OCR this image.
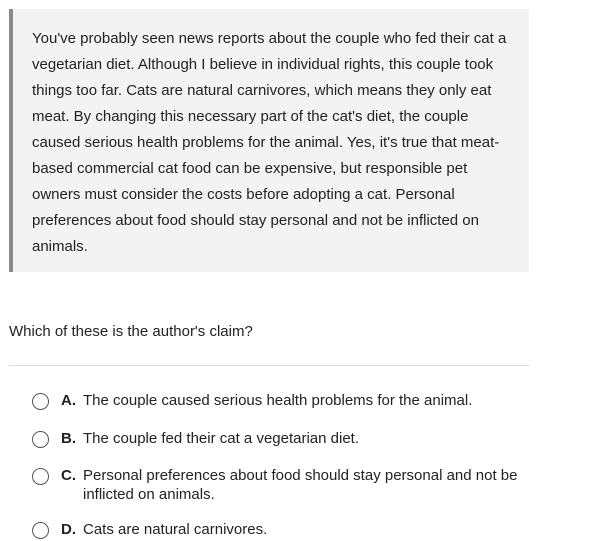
You've probably seen news reports about the couple who fed their cat a vegetarian diet. Although I believe in individual rights, this couple took things too far. Cats are natural carnivores, which means they only eat meat. By changing this necessary part of the cat's diet, the couple caused serious health problems for the animal. Yes, it's true that meat-based commercial cat food can be expensive, but responsible pet owners must consider the costs before adopting a cat. Personal preferences about food should stay personal and not be inflicted on animals.

Which of these is the author's claim?

A. The couple caused serious health problems for the animal.
B. The couple fed their cat a vegetarian diet.
C. Personal preferences about food should stay personal and not be inflicted on animals.
D. Cats are natural carnivores.
